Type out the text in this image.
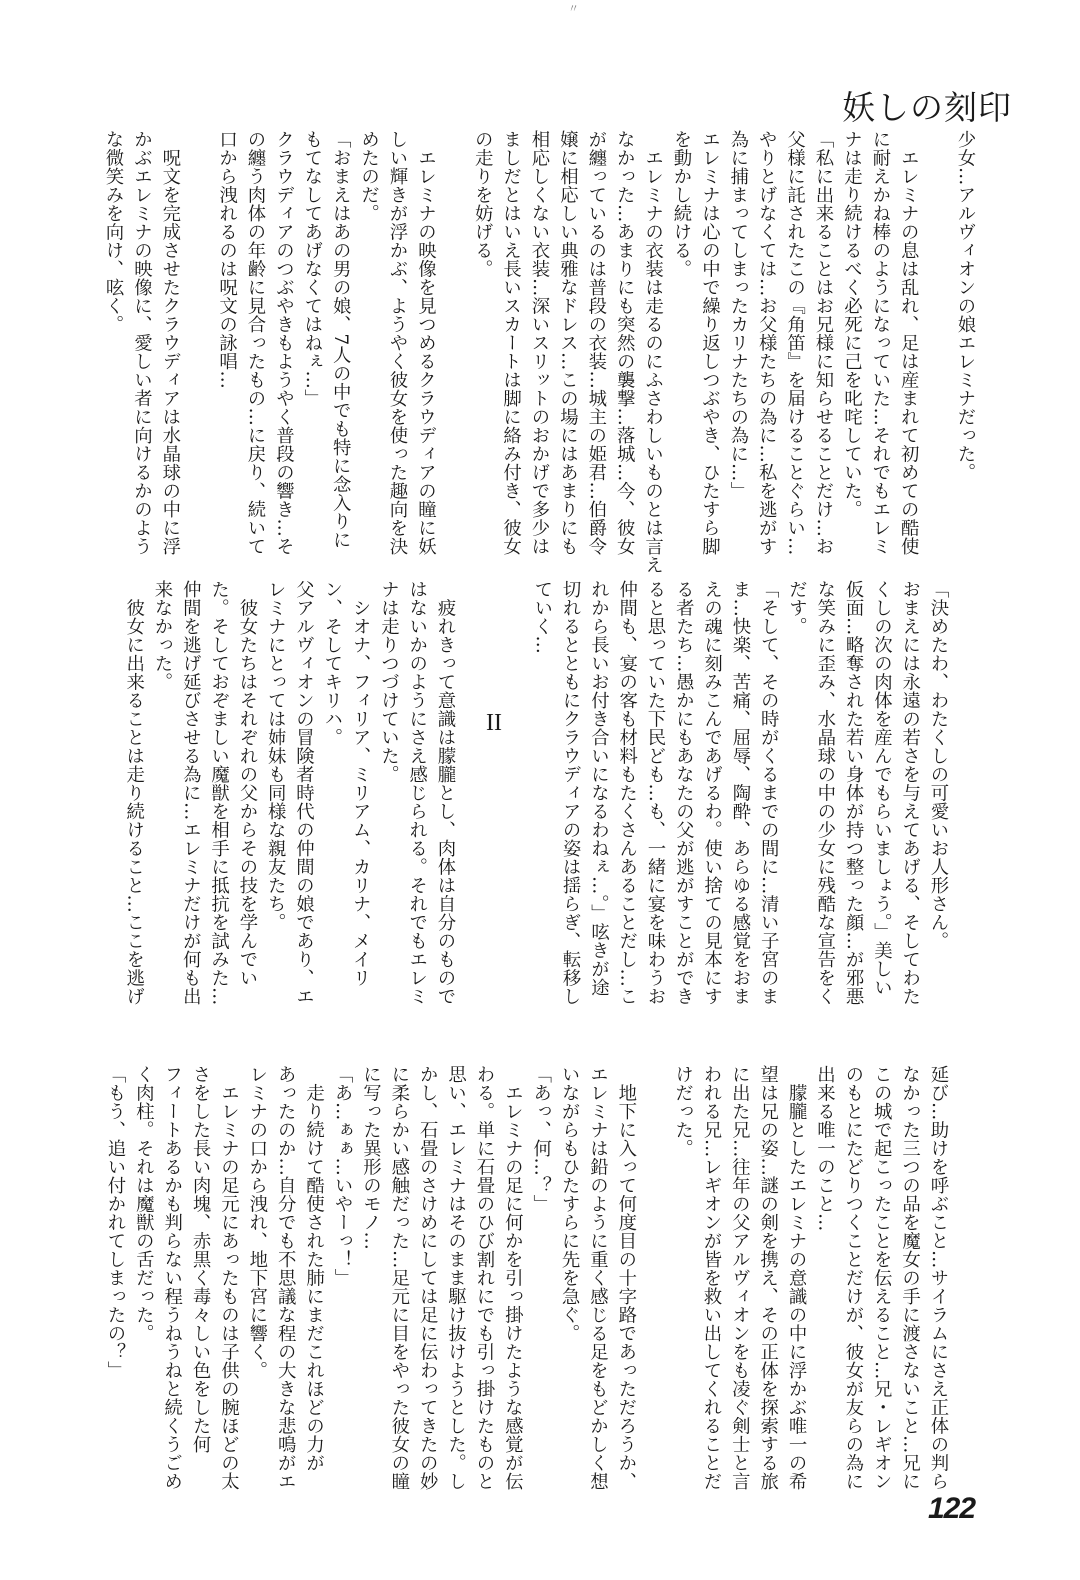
〃
妖しの刻印
II
122
少女…アルヴィオンの娘エレミナだった。
　エレミナの息は乱れ、足は産まれて初めての酷使
に耐えかね棒のようになっていた…それでもエレミ
ナは走り続けるべく必死に己を叱咤していた。
「私に出来ることはお兄様に知らせることだけ…お
父様に託されたこの『角笛』を届けることぐらい…
やりとげなくては…お父様たちの為に…私を逃がす
為に捕まってしまったカリナたちの為に…」
エレミナは心の中で繰り返しつぶやき、ひたすら脚
を動かし続ける。
　エレミナの衣装は走るのにふさわしいものとは言え
なかった…あまりにも突然の襲撃…落城…今、彼女
が纏っているのは普段の衣装…城主の姫君…伯爵令
嬢に相応しい典雅なドレス…この場にはあまりにも
相応しくない衣装…深いスリットのおかげで多少は
ましだとはいえ長いスカートは脚に絡み付き、彼女
の走りを妨げる。
　エレミナの映像を見つめるクラウディアの瞳に妖
しい輝きが浮かぶ、ようやく彼女を使った趣向を決
めたのだ。
「おまえはあの男の娘、7人の中でも特に念入りに
もてなしてあげなくてはねぇ…」
クラウディアのつぶやきもようやく普段の響き…そ
の纏う肉体の年齢に見合ったもの…に戻り、続いて
口から洩れるのは呪文の詠唱…
　呪文を完成させたクラウディアは水晶球の中に浮
かぶエレミナの映像に、愛しい者に向けるかのよう
な微笑みを向け、呟く。
「決めたわ、わたくしの可愛いお人形さん。
おまえには永遠の若さを与えてあげる、そしてわた
くしの次の肉体を産んでもらいましょう。」美しい
仮面…略奪された若い身体が持つ整った顔…が邪悪
な笑みに歪み、水晶球の中の少女に残酷な宣告をく
だす。
「そして、その時がくるまでの間に…清い子宮のま
ま…快楽、苦痛、屈辱、陶酔、あらゆる感覚をおま
えの魂に刻みこんであげるわ。使い捨ての見本にす
る者たち…愚かにもあなたの父が逃がすことができ
ると思っていた下民ども…も、一緒に宴を味わうお
仲間も、宴の客も材料もたくさんあることだし…こ
れから長いお付き合いになるわねぇ…。」呟きが途
切れるとともにクラウディアの姿は揺らぎ、転移し
ていく…
　疲れきって意識は朦朧とし、肉体は自分のもので
はないかのようにさえ感じられる。それでもエレミ
ナは走りつづけていた。
　シオナ、フィリア、ミリアム、カリナ、メイリ
ン、そしてキリハ。
父アルヴィオンの冒険者時代の仲間の娘であり、エ
レミナにとっては姉妹も同様な親友たち。
　彼女たちはそれぞれの父からその技を学んでい
た。そしておぞましい魔獣を相手に抵抗を試みた…
仲間を逃げ延びさせる為に…エレミナだけが何も出
来なかった。
　彼女に出来ることは走り続けること…ここを逃げ
延び…助けを呼ぶこと…サイラムにさえ正体の判ら
なかった三つの品を魔女の手に渡さないこと…兄に
この城で起こったことを伝えること…兄・レギオン
のもとにたどりつくことだけが、彼女が友らの為に
出来る唯一のこと…
　朦朧としたエレミナの意識の中に浮かぶ唯一の希
望は兄の姿…謎の剣を携え、その正体を探索する旅
に出た兄…往年の父アルヴィオンをも凌ぐ剣士と言
われる兄…レギオンが皆を救い出してくれることだ
けだった。
　地下に入って何度目の十字路であっただろうか、
エレミナは鉛のように重く感じる足をもどかしく想
いながらもひたすらに先を急ぐ。
「あっ、何…？」
　エレミナの足に何かを引っ掛けたような感覚が伝
わる。単に石畳のひび割れにでも引っ掛けたものと
思い、エレミナはそのまま駆け抜けようとした。し
かし、石畳のさけめにしては足に伝わってきたの妙
に柔らかい感触だった…足元に目をやった彼女の瞳
に写った異形のモノ…
「あ…ぁぁ…いやーっ！」
　走り続けて酷使された肺にまだこれほどの力が
あったのか…自分でも不思議な程の大きな悲鳴がエ
レミナの口から洩れ、地下宮に響く。
　エレミナの足元にあったものは子供の腕ほどの太
さをした長い肉塊、赤黒く毒々しい色をした何
フィートあるかも判らない程うねうねと続くうごめ
く肉柱。それは魔獣の舌だった。
「もう、追い付かれてしまったの？」
